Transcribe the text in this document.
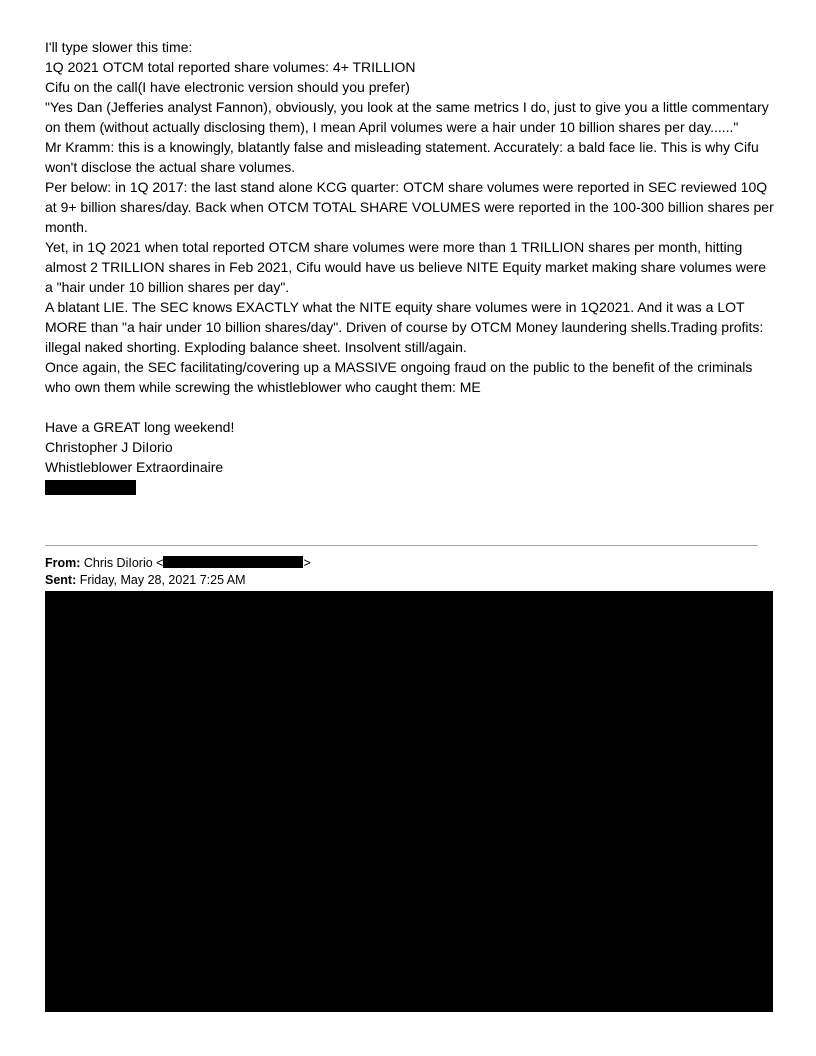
I'll type slower this time:

1Q 2021 OTCM total reported share volumes: 4+ TRILLION

Cifu on the call(I have electronic version should you prefer)

"Yes Dan (Jefferies analyst Fannon), obviously, you look at the same metrics I do, just to give you a little commentary on them (without actually disclosing them), I mean April volumes were a hair under 10 billion shares per day......"

Mr Kramm: this is a knowingly, blatantly false and misleading statement. Accurately: a bald face lie. This is why Cifu won't disclose the actual share volumes.

Per below: in 1Q 2017: the last stand alone KCG quarter: OTCM share volumes were reported in SEC reviewed 10Q at 9+ billion shares/day. Back when OTCM TOTAL SHARE VOLUMES were reported in the 100-300 billion shares per month.

Yet, in 1Q 2021 when total reported OTCM share volumes were more than 1 TRILLION shares per month, hitting almost 2 TRILLION shares in Feb 2021, Cifu would have us believe NITE Equity market making share volumes were a "hair under 10 billion shares per day".

A blatant LIE. The SEC knows EXACTLY what the NITE equity share volumes were in 1Q2021. And it was a LOT MORE than "a hair under 10 billion shares/day". Driven of course by OTCM Money laundering shells.Trading profits: illegal naked shorting. Exploding balance sheet. Insolvent still/again.

Once again, the SEC facilitating/covering up a MASSIVE ongoing fraud on the public to the benefit of the criminals who own them while screwing the whistleblower who caught them: ME

Have a GREAT long weekend!

Christopher J DiIorio

Whistleblower Extraordinaire

From: Chris DiIorio <	>
Sent: Friday, May 28, 2021 7:25 AM
